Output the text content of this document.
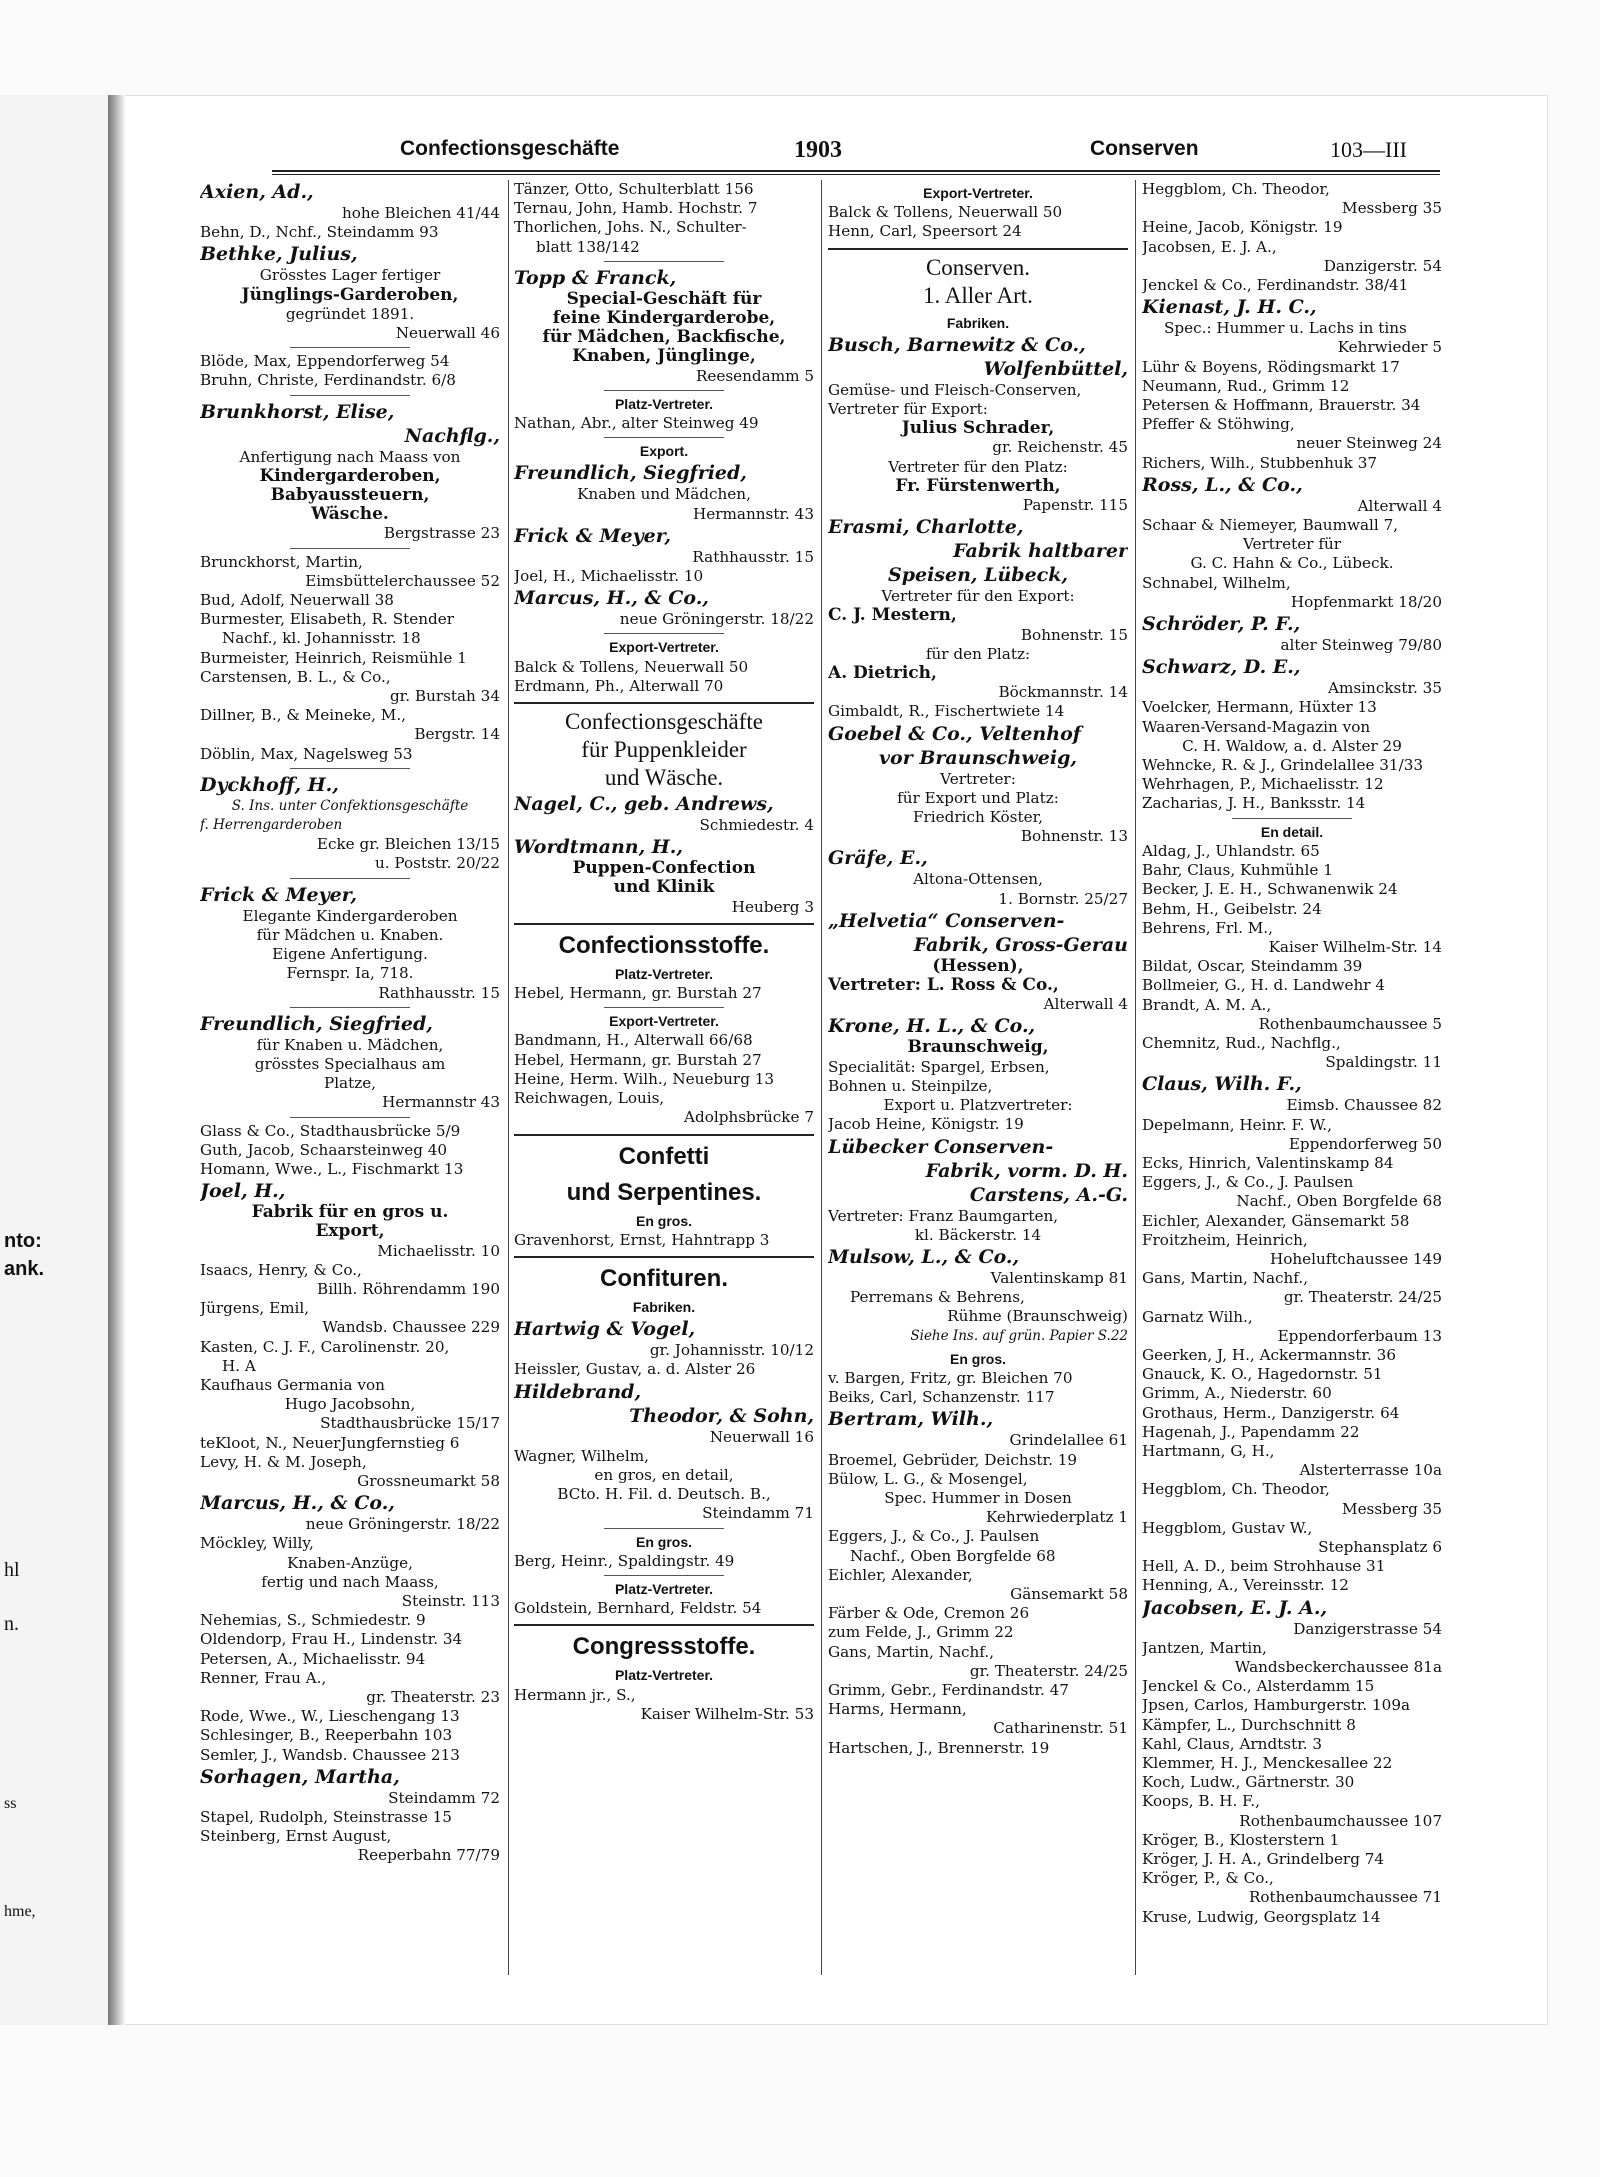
nto:
ank.
hl
n.
ss
hme,
Confectionsgeschäfte	1903	Conserven	103—III

Axien, Ad.,

hohe Bleichen 41/44

Behn, D., Nchf., Steindamm 93

Bethke, Julius,

Grösstes Lager fertiger

Jünglings-Garderoben,

gegründet 1891.

Neuerwall 46

Blöde, Max, Eppendorferweg 54

Bruhn, Christe, Ferdinandstr. 6/8

Brunkhorst, Elise,

Nachflg.,

Anfertigung nach Maass von

Kindergarderoben,

Babyaussteuern,

Wäsche.

Bergstrasse 23

Brunckhorst, Martin,

Eimsbüttelerchaussee 52

Bud, Adolf, Neuerwall 38

Burmester, Elisabeth, R. Stender

Nachf., kl. Johannisstr. 18

Burmeister, Heinrich, Reismühle 1

Carstensen, B. L., & Co.,

gr. Burstah 34

Dillner, B., & Meineke, M.,

Bergstr. 14

Döblin, Max, Nagelsweg 53

Dyckhoff, H.,

S. Ins. unter Confektionsgeschäfte

f. Herrengarderoben

Ecke gr. Bleichen 13/15

u. Poststr. 20/22

Frick & Meyer,

Elegante Kindergarderoben

für Mädchen u. Knaben.

Eigene Anfertigung.

Fernspr. Ia, 718.

Rathhausstr. 15

Freundlich, Siegfried,

für Knaben u. Mädchen,

grösstes Specialhaus am

Platze,

Hermannstr 43

Glass & Co., Stadthausbrücke 5/9

Guth, Jacob, Schaarsteinweg 40

Homann, Wwe., L., Fischmarkt 13

Joel, H.,

Fabrik für en gros u.

Export,

Michaelisstr. 10

Isaacs, Henry, & Co.,

Billh. Röhrendamm 190

Jürgens, Emil,

Wandsb. Chaussee 229

Kasten, C. J. F., Carolinenstr. 20,

H. A

Kaufhaus Germania von

Hugo Jacobsohn,

Stadthausbrücke 15/17

teKloot, N., NeuerJungfernstieg 6

Levy, H. & M. Joseph,

Grossneumarkt 58

Marcus, H., & Co.,

neue Gröningerstr. 18/22

Möckley, Willy,

Knaben-Anzüge,

fertig und nach Maass,

Steinstr. 113

Nehemias, S., Schmiedestr. 9

Oldendorp, Frau H., Lindenstr. 34

Petersen, A., Michaelisstr. 94

Renner, Frau A.,

gr. Theaterstr. 23

Rode, Wwe., W., Lieschengang 13

Schlesinger, B., Reeperbahn 103

Semler, J., Wandsb. Chaussee 213

Sorhagen, Martha,

Steindamm 72

Stapel, Rudolph, Steinstrasse 15

Steinberg, Ernst August,

Reeperbahn 77/79

Tänzer, Otto, Schulterblatt 156

Ternau, John, Hamb. Hochstr. 7

Thorlichen, Johs. N., Schulter-

blatt 138/142

Topp & Franck,

Special-Geschäft für

feine Kindergarderobe,

für Mädchen, Backfische,

Knaben, Jünglinge,

Reesendamm 5

Platz-Vertreter.

Nathan, Abr., alter Steinweg 49

Export.

Freundlich, Siegfried,

Knaben und Mädchen,

Hermannstr. 43

Frick & Meyer,

Rathhausstr. 15

Joel, H., Michaelisstr. 10

Marcus, H., & Co.,

neue Gröningerstr. 18/22

Export-Vertreter.

Balck & Tollens, Neuerwall 50

Erdmann, Ph., Alterwall 70

Confectionsgeschäfte

für Puppenkleider

und Wäsche.

Nagel, C., geb. Andrews,

Schmiedestr. 4

Wordtmann, H.,

Puppen-Confection

und Klinik

Heuberg 3

Confectionsstoffe.

Platz-Vertreter.

Hebel, Hermann, gr. Burstah 27

Export-Vertreter.

Bandmann, H., Alterwall 66/68

Hebel, Hermann, gr. Burstah 27

Heine, Herm. Wilh., Neueburg 13

Reichwagen, Louis,

Adolphsbrücke 7

Confetti

und Serpentines.

En gros.

Gravenhorst, Ernst, Hahntrapp 3

Confituren.

Fabriken.

Hartwig & Vogel,

gr. Johannisstr. 10/12

Heissler, Gustav, a. d. Alster 26

Hildebrand,

Theodor, & Sohn,

Neuerwall 16

Wagner, Wilhelm,

en gros, en detail,

BCto. H. Fil. d. Deutsch. B.,

Steindamm 71

En gros.

Berg, Heinr., Spaldingstr. 49

Platz-Vertreter.

Goldstein, Bernhard, Feldstr. 54

Congressstoffe.

Platz-Vertreter.

Hermann jr., S.,

Kaiser Wilhelm-Str. 53

Export-Vertreter.

Balck & Tollens, Neuerwall 50

Henn, Carl, Speersort 24

Conserven.

1. Aller Art.

Fabriken.

Busch, Barnewitz & Co.,

Wolfenbüttel,

Gemüse- und Fleisch-Conserven,

Vertreter für Export:

Julius Schrader,

gr. Reichenstr. 45

Vertreter für den Platz:

Fr. Fürstenwerth,

Papenstr. 115

Erasmi, Charlotte,

Fabrik haltbarer

Speisen, Lübeck,

Vertreter für den Export:

C. J. Mestern,

Bohnenstr. 15

für den Platz:

A. Dietrich,

Böckmannstr. 14

Gimbaldt, R., Fischertwiete 14

Goebel & Co., Veltenhof

vor Braunschweig,

Vertreter:

für Export und Platz:

Friedrich Köster,

Bohnenstr. 13

Gräfe, E.,

Altona-Ottensen,

1. Bornstr. 25/27

„Helvetia“ Conserven-

Fabrik, Gross-Gerau

(Hessen),

Vertreter: L. Ross & Co.,

Alterwall 4

Krone, H. L., & Co.,

Braunschweig,

Specialität: Spargel, Erbsen,

Bohnen u. Steinpilze,

Export u. Platzvertreter:

Jacob Heine, Königstr. 19

Lübecker Conserven-

Fabrik, vorm. D. H.

Carstens, A.-G.

Vertreter: Franz Baumgarten,

kl. Bäckerstr. 14

Mulsow, L., & Co.,

Valentinskamp 81

Perremans & Behrens,

Rühme (Braunschweig)

Siehe Ins. auf grün. Papier S.22

En gros.

v. Bargen, Fritz, gr. Bleichen 70

Beiks, Carl, Schanzenstr. 117

Bertram, Wilh.,

Grindelallee 61

Broemel, Gebrüder, Deichstr. 19

Bülow, L. G., & Mosengel,

Spec. Hummer in Dosen

Kehrwiederplatz 1

Eggers, J., & Co., J. Paulsen

Nachf., Oben Borgfelde 68

Eichler, Alexander,

Gänsemarkt 58

Färber & Ode, Cremon 26

zum Felde, J., Grimm 22

Gans, Martin, Nachf.,

gr. Theaterstr. 24/25

Grimm, Gebr., Ferdinandstr. 47

Harms, Hermann,

Catharinenstr. 51

Hartschen, J., Brennerstr. 19

Heggblom, Ch. Theodor,

Messberg 35

Heine, Jacob, Königstr. 19

Jacobsen, E. J. A.,

Danzigerstr. 54

Jenckel & Co., Ferdinandstr. 38/41

Kienast, J. H. C.,

Spec.: Hummer u. Lachs in tins

Kehrwieder 5

Lühr & Boyens, Rödingsmarkt 17

Neumann, Rud., Grimm 12

Petersen & Hoffmann, Brauerstr. 34

Pfeffer & Stöhwing,

neuer Steinweg 24

Richers, Wilh., Stubbenhuk 37

Ross, L., & Co.,

Alterwall 4

Schaar & Niemeyer, Baumwall 7,

Vertreter für

G. C. Hahn & Co., Lübeck.

Schnabel, Wilhelm,

Hopfenmarkt 18/20

Schröder, P. F.,

alter Steinweg 79/80

Schwarz, D. E.,

Amsinckstr. 35

Voelcker, Hermann, Hüxter 13

Waaren-Versand-Magazin von

C. H. Waldow, a. d. Alster 29

Wehncke, R. & J., Grindelallee 31/33

Wehrhagen, P., Michaelisstr. 12

Zacharias, J. H., Banksstr. 14

En detail.

Aldag, J., Uhlandstr. 65

Bahr, Claus, Kuhmühle 1

Becker, J. E. H., Schwanenwik 24

Behm, H., Geibelstr. 24

Behrens, Frl. M.,

Kaiser Wilhelm-Str. 14

Bildat, Oscar, Steindamm 39

Bollmeier, G., H. d. Landwehr 4

Brandt, A. M. A.,

Rothenbaumchaussee 5

Chemnitz, Rud., Nachflg.,

Spaldingstr. 11

Claus, Wilh. F.,

Eimsb. Chaussee 82

Depelmann, Heinr. F. W.,

Eppendorferweg 50

Ecks, Hinrich, Valentinskamp 84

Eggers, J., & Co., J. Paulsen

Nachf., Oben Borgfelde 68

Eichler, Alexander, Gänsemarkt 58

Froitzheim, Heinrich,

Hoheluftchaussee 149

Gans, Martin, Nachf.,

gr. Theaterstr. 24/25

Garnatz Wilh.,

Eppendorferbaum 13

Geerken, J, H., Ackermannstr. 36

Gnauck, K. O., Hagedornstr. 51

Grimm, A., Niederstr. 60

Grothaus, Herm., Danzigerstr. 64

Hagenah, J., Papendamm 22

Hartmann, G, H.,

Alsterterrasse 10a

Heggblom, Ch. Theodor,

Messberg 35

Heggblom, Gustav W.,

Stephansplatz 6

Hell, A. D., beim Strohhause 31

Henning, A., Vereinsstr. 12

Jacobsen, E. J. A.,

Danzigerstrasse 54

Jantzen, Martin,

Wandsbeckerchaussee 81a

Jenckel & Co., Alsterdamm 15

Jpsen, Carlos, Hamburgerstr. 109a

Kämpfer, L., Durchschnitt 8

Kahl, Claus, Arndtstr. 3

Klemmer, H. J., Menckesallee 22

Koch, Ludw., Gärtnerstr. 30

Koops, B. H. F.,

Rothenbaumchaussee 107

Kröger, B., Klosterstern 1

Kröger, J. H. A., Grindelberg 74

Kröger, P., & Co.,

Rothenbaumchaussee 71

Kruse, Ludwig, Georgsplatz 14
